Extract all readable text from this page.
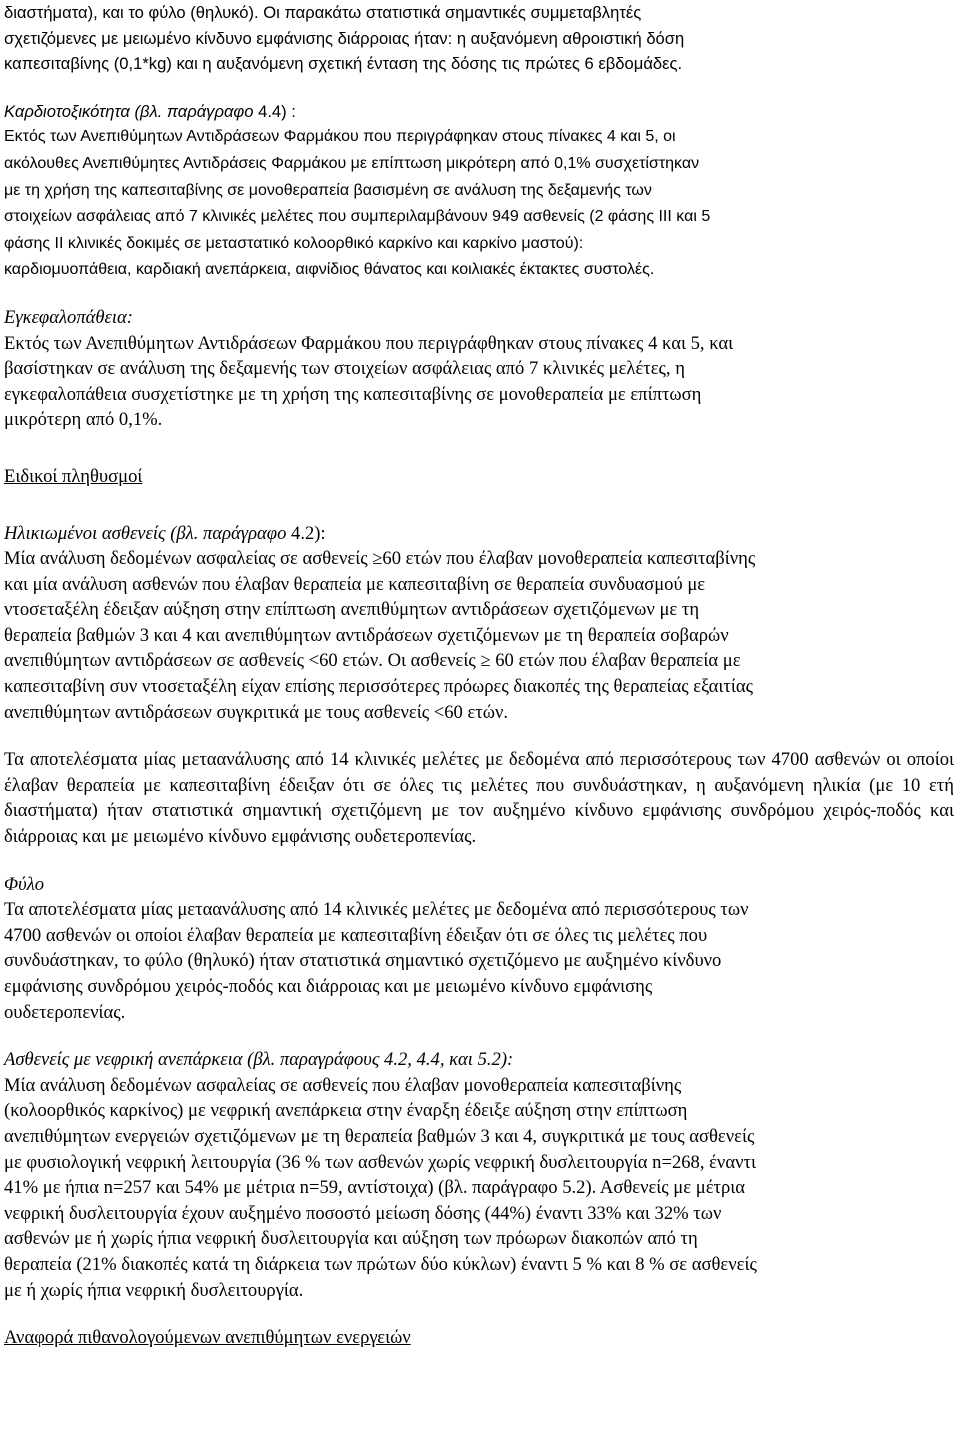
διαστήματα), και το φύλο (θηλυκό). Οι παρακάτω στατιστικά σημαντικές συμμεταβλητές

σχετιζόμενες με μειωμένο κίνδυνο εμφάνισης διάρροιας ήταν: η αυξανόμενη αθροιστική δόση

καπεσιταβίνης (0,1*kg) και η αυξανόμενη σχετική ένταση της δόσης τις πρώτες 6 εβδομάδες.

Καρδιοτοξικότητα (βλ. παράγραφο 4.4) :

Εκτός των Ανεπιθύμητων Αντιδράσεων Φαρμάκου που περιγράφηκαν στους πίνακες 4 και 5, οι

ακόλουθες Ανεπιθύμητες Αντιδράσεις Φαρμάκου με επίπτωση μικρότερη από 0,1% συσχετίστηκαν

με τη χρήση της καπεσιταβίνης σε μονοθεραπεία βασισμένη σε ανάλυση της δεξαμενής των

στοιχείων ασφάλειας από 7 κλινικές μελέτες που συμπεριλαμβάνουν 949 ασθενείς (2 φάσης ΙΙΙ και 5

φάσης ΙΙ κλινικές δοκιμές σε μεταστατικό κολοορθικό καρκίνο και καρκίνο μαστού):

καρδιομυοπάθεια, καρδιακή ανεπάρκεια, αιφνίδιος θάνατος και κοιλιακές έκτακτες συστολές.

Εγκεφαλοπάθεια:

Εκτός των Ανεπιθύμητων Αντιδράσεων Φαρμάκου που περιγράφθηκαν στους πίνακες 4 και 5, και

βασίστηκαν σε ανάλυση της δεξαμενής των στοιχείων ασφάλειας από 7 κλινικές μελέτες, η

εγκεφαλοπάθεια συσχετίστηκε με τη χρήση της καπεσιταβίνης σε μονοθεραπεία με επίπτωση

μικρότερη από 0,1%.

Ειδικοί πληθυσμοί

Ηλικιωμένοι ασθενείς (βλ. παράγραφο 4.2):

Μία ανάλυση δεδομένων ασφαλείας σε ασθενείς ≥60 ετών που έλαβαν μονοθεραπεία καπεσιταβίνης

και μία ανάλυση ασθενών που έλαβαν θεραπεία με καπεσιταβίνη σε θεραπεία συνδυασμού με

ντοσεταξέλη έδειξαν αύξηση στην επίπτωση ανεπιθύμητων αντιδράσεων σχετιζόμενων με τη

θεραπεία βαθμών 3 και 4 και ανεπιθύμητων αντιδράσεων σχετιζόμενων με τη θεραπεία σοβαρών

ανεπιθύμητων αντιδράσεων σε ασθενείς <60 ετών. Οι ασθενείς ≥ 60 ετών που έλαβαν θεραπεία με

καπεσιταβίνη συν ντοσεταξέλη είχαν επίσης περισσότερες πρόωρες διακοπές της θεραπείας εξαιτίας

ανεπιθύμητων αντιδράσεων συγκριτικά με τους ασθενείς <60 ετών.

Τα αποτελέσματα μίας μεταανάλυσης από 14 κλινικές μελέτες με δεδομένα από περισσότερους των 4700 ασθενών οι οποίοι έλαβαν θεραπεία με καπεσιταβίνη έδειξαν ότι σε όλες τις μελέτες που συνδυάστηκαν, η αυξανόμενη ηλικία (με 10 ετή διαστήματα) ήταν στατιστικά σημαντική σχετιζόμενη με τον αυξημένο κίνδυνο εμφάνισης συνδρόμου χειρός-ποδός και διάρροιας και με μειωμένο κίνδυνο εμφάνισης ουδετεροπενίας.

Φύλο

Τα αποτελέσματα μίας μεταανάλυσης από 14 κλινικές μελέτες με δεδομένα από περισσότερους των

4700 ασθενών οι οποίοι έλαβαν θεραπεία με καπεσιταβίνη έδειξαν ότι σε όλες τις μελέτες που

συνδυάστηκαν, το φύλο (θηλυκό) ήταν στατιστικά σημαντικό σχετιζόμενο με αυξημένο κίνδυνο

εμφάνισης συνδρόμου χειρός-ποδός και διάρροιας και με μειωμένο κίνδυνο εμφάνισης

ουδετεροπενίας.

Ασθενείς με νεφρική ανεπάρκεια (βλ. παραγράφους 4.2, 4.4, και 5.2):

Μία ανάλυση δεδομένων ασφαλείας σε ασθενείς που έλαβαν μονοθεραπεία καπεσιταβίνης

(κολοορθικός καρκίνος) με νεφρική ανεπάρκεια στην έναρξη έδειξε αύξηση στην επίπτωση

ανεπιθύμητων ενεργειών σχετιζόμενων με τη θεραπεία βαθμών 3 και 4, συγκριτικά με τους ασθενείς

με φυσιολογική νεφρική λειτουργία (36 % των ασθενών χωρίς νεφρική δυσλειτουργία n=268, έναντι

41% με ήπια n=257 και 54% με μέτρια n=59, αντίστοιχα) (βλ. παράγραφο 5.2). Ασθενείς με μέτρια

νεφρική δυσλειτουργία έχουν αυξημένο ποσοστό μείωση δόσης (44%) έναντι 33% και 32% των

ασθενών με ή χωρίς ήπια νεφρική δυσλειτουργία και αύξηση των πρόωρων διακοπών από τη

θεραπεία (21% διακοπές κατά τη διάρκεια των πρώτων δύο κύκλων) έναντι 5 % και 8 % σε ασθενείς

με ή χωρίς ήπια νεφρική δυσλειτουργία.

Αναφορά πιθανολογούμενων ανεπιθύμητων ενεργειών
